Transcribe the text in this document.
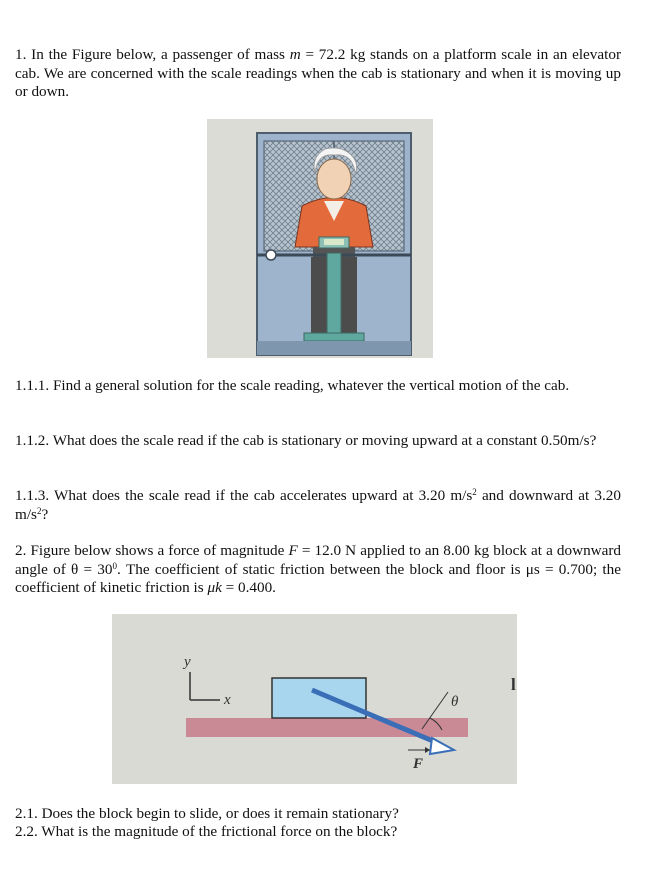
1. In the Figure below, a passenger of mass m = 72.2 kg stands on a platform scale in an elevator cab. We are concerned with the scale readings when the cab is stationary and when it is moving up or down.

1.1.1. Find a general solution for the scale reading, whatever the vertical motion of the cab.

1.1.2. What does the scale read if the cab is stationary or moving upward at a constant 0.50m/s?

1.1.3. What does the scale read if the cab accelerates upward at 3.20 $m/s^2$ and downward at 3.20 $m/s^2$?

2. Figure below shows a force of magnitude F = 12.0 N applied to an 8.00 kg block at a downward angle of $\theta = 30^0$. The coefficient of static friction between the block and floor is μs = 0.700; the coefficient of kinetic friction is μk = 0.400.

y
x	θ
F
l

2.1. Does the block begin to slide, or does it remain stationary?

2.2. What is the magnitude of the frictional force on the block?
